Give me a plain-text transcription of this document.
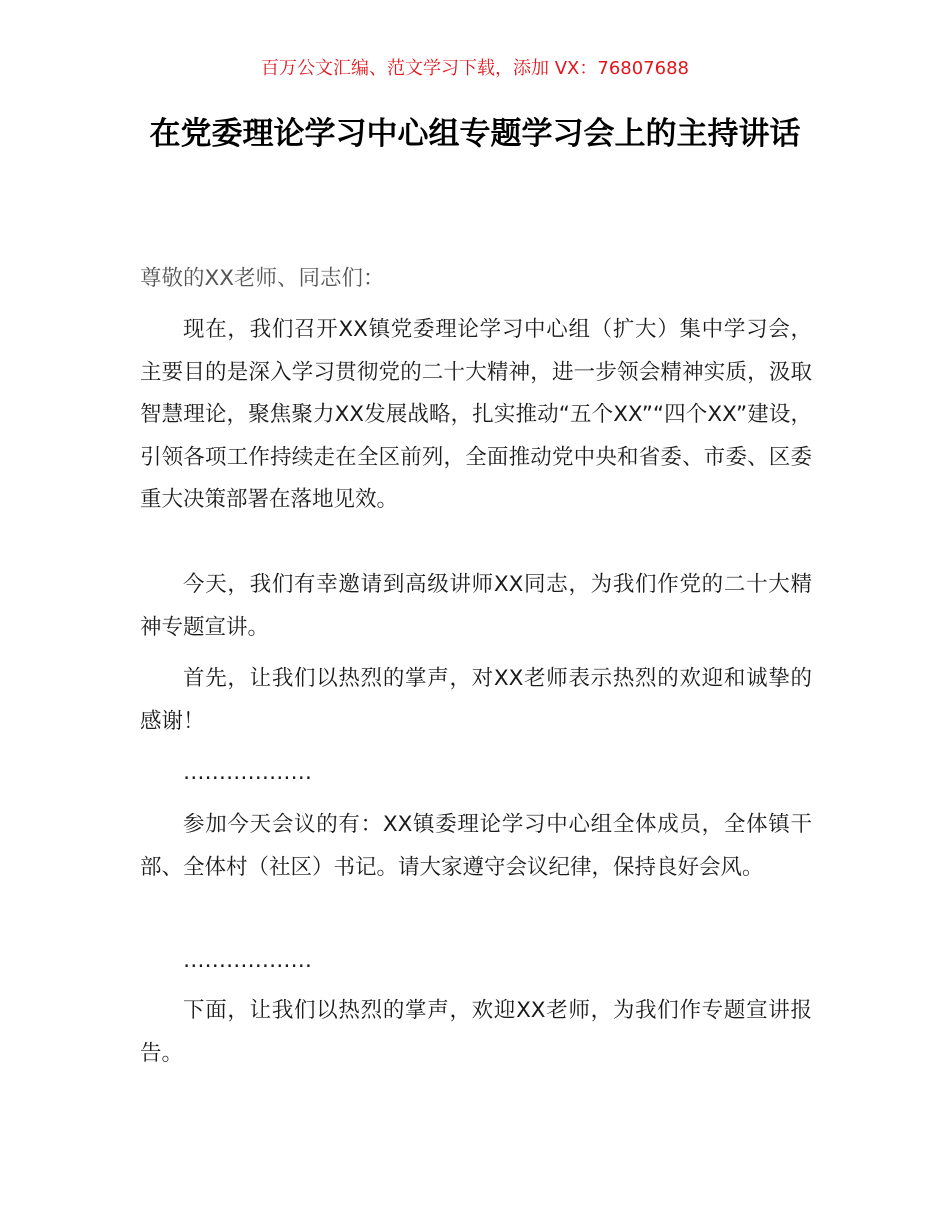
百万公文汇编、范文学习下载，添加 VX：76807688
在党委理论学习中心组专题学习会上的主持讲话

尊敬的XX老师、同志们：

现在，我们召开XX镇党委理论学习中心组（扩大）集中学习会，主要目的是深入学习贯彻党的二十大精神，进一步领会精神实质，汲取智慧理论，聚焦聚力XX发展战略，扎实推动“五个XX”“四个XX”建设，引领各项工作持续走在全区前列，全面推动党中央和省委、市委、区委重大决策部署在落地见效。

今天，我们有幸邀请到高级讲师XX同志，为我们作党的二十大精神专题宣讲。

首先，让我们以热烈的掌声，对XX老师表示热烈的欢迎和诚挚的感谢！

………………

参加今天会议的有：XX镇委理论学习中心组全体成员，全体镇干部、全体村（社区）书记。请大家遵守会议纪律，保持良好会风。

………………

下面，让我们以热烈的掌声，欢迎XX老师，为我们作专题宣讲报告。
